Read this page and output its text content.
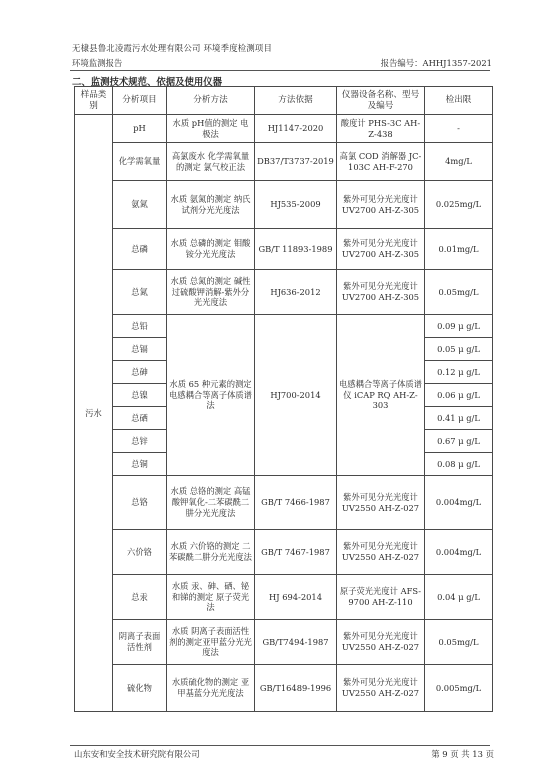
无棣县鲁北凌霞污水处理有限公司 环境季度检测项目
环境监测报告	报告编号：AHHJ1357-2021
二、监测技术规范、依据及使用仪器
样品类别	分析项目	分析方法	方法依据	仪器设备名称、型号及编号	检出限
污水	pH	水质 pH值的测定 电极法	HJ1147-2020	酸度计 PHS-3C AH-Z-438	-
	化学需氧量	高氯废水 化学需氧量的测定 氯气校正法	DB37/T3737-2019	高氯 COD 消解器 JC-103C AH-F-270	4mg/L
	氨氮	水质 氨氮的测定 纳氏试剂分光光度法	HJ535-2009	紫外可见分光光度计 UV2700 AH-Z-305	0.025mg/L
	总磷	水质 总磷的测定 钼酸铵分光光度法	GB/T 11893-1989	紫外可见分光光度计 UV2700 AH-Z-305	0.01mg/L
	总氮	水质 总氮的测定 碱性过硫酸钾消解-紫外分光光度法	HJ636-2012	紫外可见分光光度计 UV2700 AH-Z-305	0.05mg/L
	总铅	水质 65 种元素的测定 电感耦合等离子体质谱法	HJ700-2014	电感耦合等离子体质谱仪 iCAP RQ AH-Z-303	0.09 μ g/L
	总镉				0.05 μ g/L
	总砷				0.12 μ g/L
	总镍				0.06 μ g/L
	总硒				0.41 μ g/L
	总锌				0.67 μ g/L
	总铜				0.08 μ g/L
	总铬	水质 总铬的测定 高锰酸钾氧化-二苯碳酰二肼分光光度法	GB/T 7466-1987	紫外可见分光光度计 UV2550 AH-Z-027	0.004mg/L
	六价铬	水质 六价铬的测定 二苯碳酰二肼分光光度法	GB/T 7467-1987	紫外可见分光光度计 UV2550 AH-Z-027	0.004mg/L
	总汞	水质 汞、砷、硒、铋和锑的测定 原子荧光法	HJ 694-2014	原子荧光光度计 AFS-9700 AH-Z-110	0.04 μ g/L
	阴离子表面活性剂	水质 阴离子表面活性剂的测定亚甲蓝分光光度法	GB/T7494-1987	紫外可见分光光度计 UV2550 AH-Z-027	0.05mg/L
	硫化物	水质硫化物的测定 亚甲基蓝分光光度法	GB/T16489-1996	紫外可见分光光度计 UV2550 AH-Z-027	0.005mg/L
山东安和安全技术研究院有限公司	第 9 页 共 13 页
